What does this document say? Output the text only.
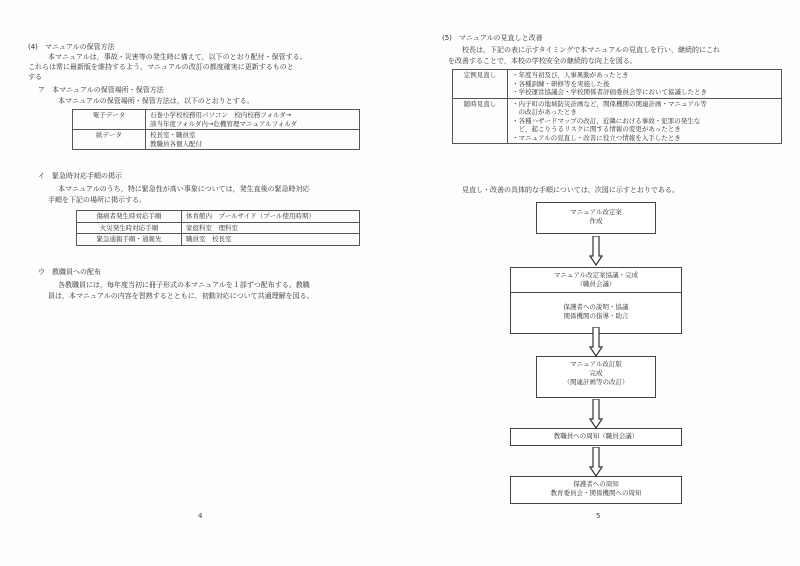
(4)　マニュアルの保管方法
本マニュアルは，事故・災害等の発生時に備えて，以下のとおり配付・保管する。
これらは常に最新版を維持するよう，マニュアルの改訂の都度確実に更新するものと
する
ア　本マニュアルの保管場所・保管方法
本マニュアルの保管場所・保管方法は，以下のとおりとする。
電子データ	石巻小学校校務用パソコン　校内校務フォルダ→
該当年度フォルダ内→危機管理マニュアルフォルダ

紙データ	校長室・職員室
教職員各個人配付
イ　緊急時対応手順の掲示
本マニュアルのうち，特に緊急性が高い事象については，発生直後の緊急時対応
手順を下記の場所に掲示する。
傷病者発生時対応手順	体育館内　プールサイド（プール使用時期）
火災発生時対応手順	家庭科室　理科室
緊急通報手順・通報先	職員室　校長室
ウ　教職員への配布
各教職員には，毎年度当初に冊子形式の本マニュアルを１部ずつ配布する。教職
員は，本マニュアルの内容を習熟するとともに，初動対応について共通理解を図る。
4
(5)　マニュアルの見直しと改善
校長は，下記の表に示すタイミングで本マニュアルの見直しを行い，継続的にこれ
を改善することで，本校の学校安全の継続的な向上を図る。
定例見直し	・年度当初及び，人事異動があったとき
・各種訓練・研修等を実施した後
・学校運営協議会・学校関係者評価委員会等において協議したとき

随時見直し	・内子町の地域防災計画など，関係機関の関連計画・マニュアル等
　の改訂があったとき
・各種ハザードマップの改訂，近隣における事故・犯罪の発生な
　ど，起こりうるリスクに関する情報の変更があったとき
・マニュアルの見直し・改善に役立つ情報を入手したとき
見直し・改善の具体的な手順については，次図に示すとおりである。
マニュアル改定案
作成
マニュアル改定案協議・完成
（職員会議）
保護者への説明・協議
関係機関の指導・助言
マニュアル改訂版
完成
（関連計画等の改訂）
教職員への周知（職員会議）
保護者への周知
教育委員会・関係機関への周知
5
